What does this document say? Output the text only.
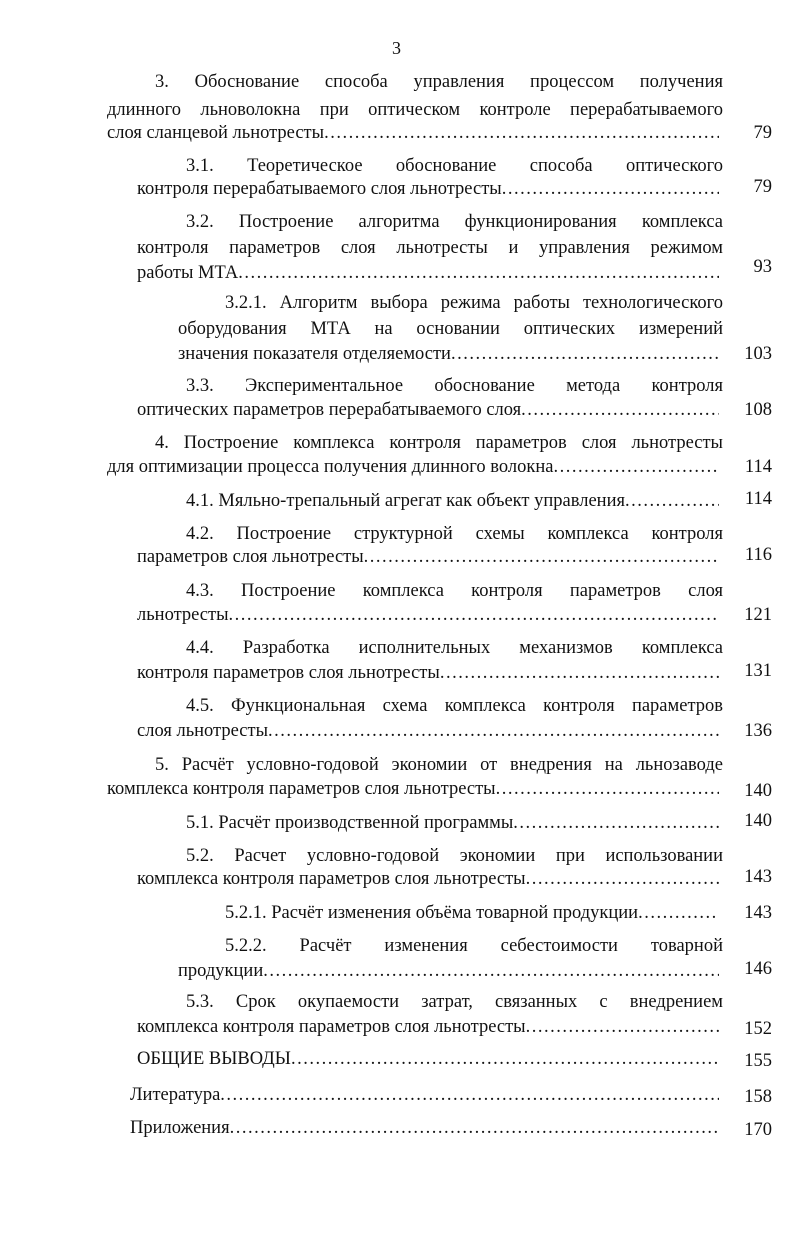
3
3. Обоснование способа управления процессом получения
длинного льноволокна при оптическом контроле перерабатываемого
слоя сланцевой льнотресты .....	79
3.1. Теоретическое обоснование способа оптического
контроля перерабатываемого слоя льнотресты .....	79
3.2. Построение алгоритма функционирования комплекса
контроля параметров слоя льнотресты и управления режимом
работы МТА .....	93
3.2.1. Алгоритм выбора режима работы технологического
оборудования МТА на основании оптических измерений
значения показателя отделяемости .....	103
3.3. Экспериментальное обоснование метода контроля
оптических параметров перерабатываемого слоя .....	108
4. Построение комплекса контроля параметров слоя льнотресты
для оптимизации процесса получения длинного волокна .....	114
4.1. Мяльно-трепальный агрегат как объект управления .....	114
4.2. Построение структурной схемы комплекса контроля
параметров слоя льнотресты .....	116
4.3. Построение комплекса контроля параметров слоя
льнотресты .....	121
4.4. Разработка исполнительных механизмов комплекса
контроля параметров слоя льнотресты .....	131
4.5. Функциональная схема комплекса контроля параметров
слоя льнотресты .....	136
5. Расчёт условно-годовой экономии от внедрения на льнозаводе
комплекса контроля параметров слоя льнотресты .....	140
5.1. Расчёт производственной программы .....	140
5.2. Расчет условно-годовой экономии при использовании
комплекса контроля параметров слоя льнотресты .....	143
5.2.1. Расчёт изменения объёма товарной продукции .....	143
5.2.2. Расчёт изменения себестоимости товарной
продукции .....	146
5.3. Срок окупаемости затрат, связанных с внедрением
комплекса контроля параметров слоя льнотресты .....	152
ОБЩИЕ ВЫВОДЫ .....	155
Литература .....	158
Приложения .....	170
